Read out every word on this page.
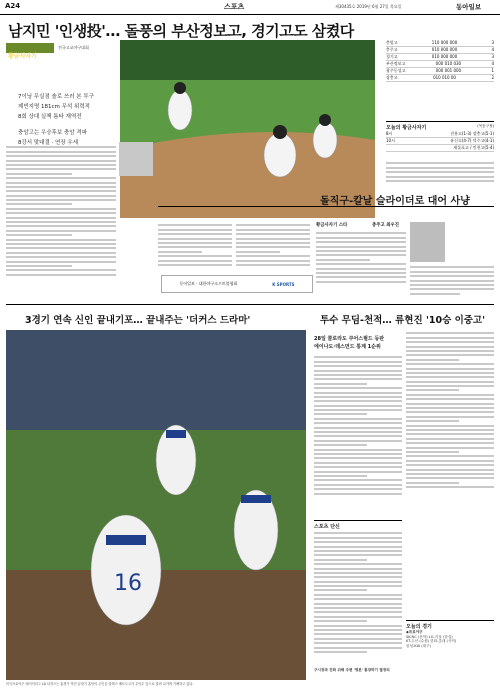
A24	스포츠	제30435호 2019년 6월 27일 목요일	동아일보
남지민 '인생投'… 돌풍의 부산정보고, 경기고도 삼켰다
황금사자기
전국고교야구대회
7이닝 무실점 솔로 쓰러 본 투구
제빈지명 181cm 무석 위력적
8회 상대 실책 틈타 재역전
충암고는 우승후보 충암 격파
8강서 맞대결 · 연장 우세
동아일보 · 대한야구소프트볼협회	K SPORTS
충암고	110 000 000	3
충주고	010 000 000	4
경기고	010 000 000	3
부산정보고	000 010 030	4
광주동성고	000 001 000	1
장충고	010 010 00	2
오늘의 황금사자기	(목동구장)
8시	진흥고(1-3) 장충고(5-1)
10시	유신고(4-7) 덕수고(4-1)
제물포고 / 인천고(5-4)
돌직구-칼날 슬라이더로 대어 사냥
황금사자기 스타	충주고 최우진
3경기 연속 신인 끝내기포… 끝내주는 '더커스 드라마'	투수 무딤-천적… 류현진 '10승 이중고'
16
미국프로야구 메이저리그 LA 다저스는 홈경기 역전 끝내기 홈런의 주인공 알렉스 베르두고가 우익수 앞으로 달려 나가며 기뻐하고 있다.
28일 콜로라도 쿠어스필드 등판
에이나도·데스먼드 통계 1순위
스포츠 단신
오늘의 경기
◆프로야구
SK-NC (문학) LG-키움 (잠실)
KT-두산 (수원) 한화-롯데 (사직)
삼성-KIA (대구)
구시장과 진화 위해 주변 '명본' 통장하기 결정되
